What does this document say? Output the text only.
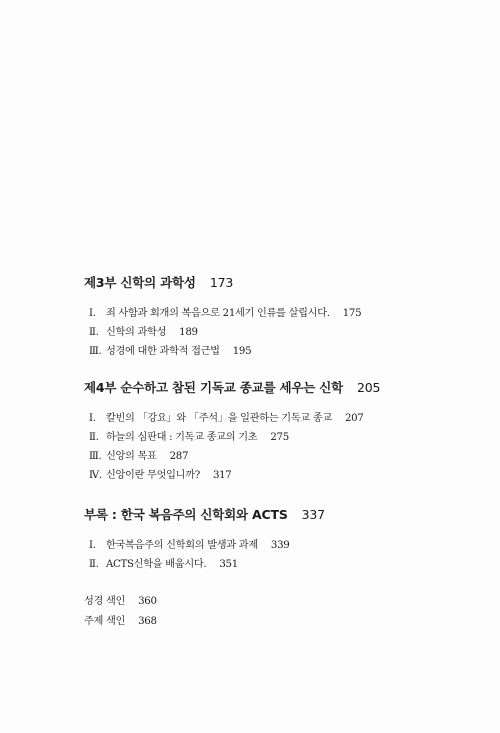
제3부 신학의 과학성 173
Ⅰ. 죄 사함과 회개의 복음으로 21세기 인류를 살립시다. 175
Ⅱ. 신학의 과학성 189
Ⅲ. 성경에 대한 과학적 접근법 195
제4부 순수하고 참된 기독교 종교를 세우는 신학 205
Ⅰ. 칼빈의 「강요」와 「주석」을 일관하는 기독교 종교 207
Ⅱ. 하늘의 심판대 : 기독교 종교의 기초 275
Ⅲ. 신앙의 목표 287
Ⅳ. 신앙이란 무엇입니까? 317
부록 : 한국 복음주의 신학회와 ACTS 337
Ⅰ. 한국복음주의 신학회의 발생과 과제 339
Ⅱ. ACTS신학을 배웁시다. 351
성경 색인 360
주제 색인 368
